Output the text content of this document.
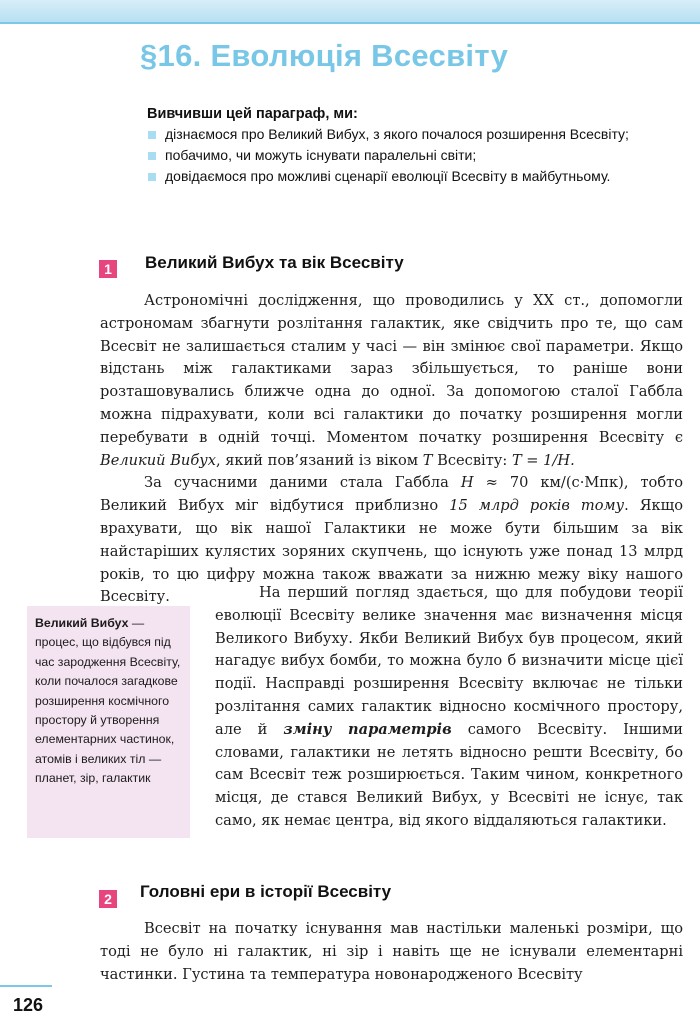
§16. Еволюція Всесвіту
Вивчивши цей параграф, ми:
дізнаємося про Великий Вибух, з якого почалося розширення Всесвіту;
побачимо, чи можуть існувати паралельні світи;
довідаємося про можливі сценарії еволюції Всесвіту в майбутньому.
1	Великий Вибух та вік Всесвіту

Астрономічні дослідження, що проводились у XX ст., допомогли астрономам збагнути розлітання галактик, яке свідчить про те, що сам Всесвіт не залишається сталим у часі — він змінює свої параметри. Якщо відстань між галактиками зараз збільшується, то раніше вони розташовувались ближче одна до одної. За допомогою сталої Габбла можна підрахувати, коли всі галактики до початку розширення могли перебувати в одній точці. Моментом початку розширення Всесвіту є Великий Вибух, який пов’язаний із віком T Всесвіту: T = 1/H.

За сучасними даними стала Габбла H ≈ 70 км/(с·Мпк), тобто Великий Вибух міг відбутися приблизно 15 млрд років тому. Якщо врахувати, що вік нашої Галактики не може бути більшим за вік найстаріших кулястих зоряних скупчень, що існують уже понад 13 млрд років, то цю цифру можна також вважати за нижню межу віку нашого Всесвіту.

Великий Вибух — процес, що відбувся під час зародження Всесвіту, коли почалося загадкове розширення космічного простору й утворення елементарних частинок, атомів і великих тіл — планет, зір, галактик

На перший погляд здається, що для побудови теорії еволюції Всесвіту велике значення має визначення місця Великого Вибуху. Якби Великий Вибух був процесом, який нагадує вибух бомби, то можна було б визначити місце цієї події. Насправді розширення Всесвіту включає не тільки розлітання самих галактик відносно космічного простору, але й зміну параметрів самого Всесвіту. Іншими словами, галактики не летять відносно решти Всесвіту, бо сам Всесвіт теж розширюється. Таким чином, конкретного місця, де стався Великий Вибух, у Всесвіті не існує, так само, як немає центра, від якого віддаляються галактики.

2	Головні ери в історії Всесвіту

Всесвіт на початку існування мав настільки маленькі розміри, що тоді не було ні галактик, ні зір і навіть ще не існували елементарні частинки. Густина та температура новонародженого Всесвіту

126
